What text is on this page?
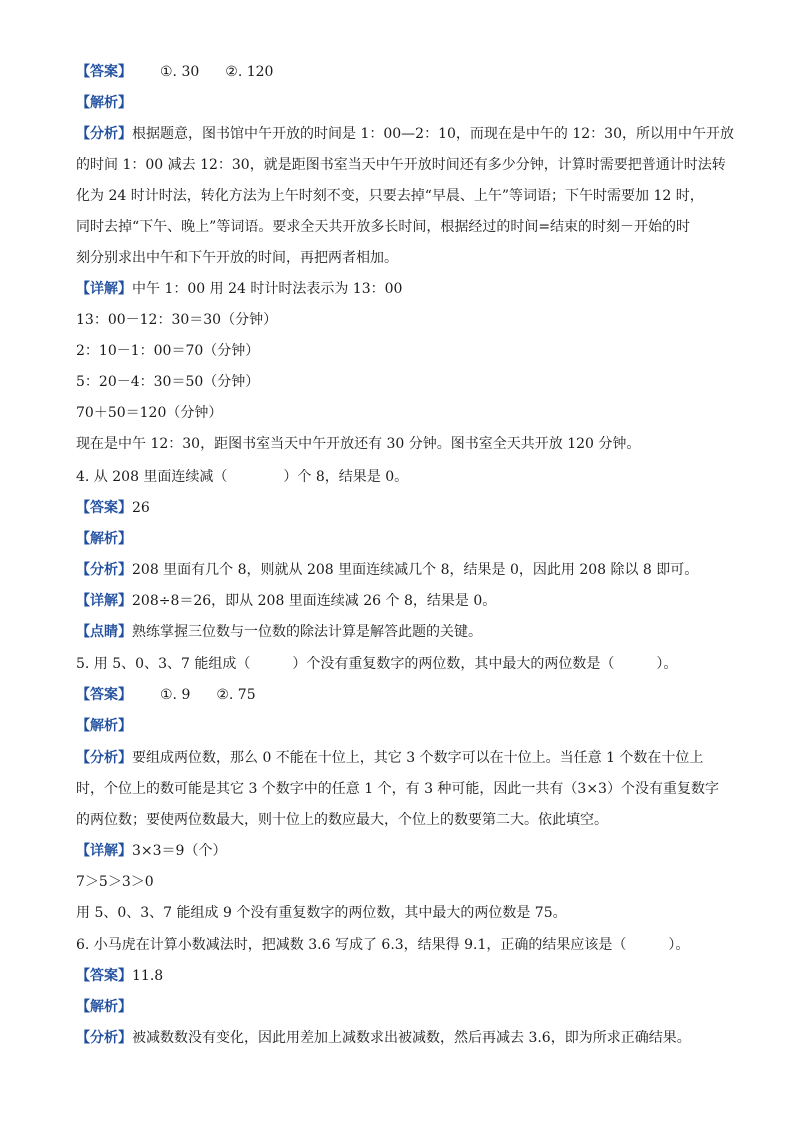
【答案】 ①. 30 ②. 120
【解析】
【分析】根据题意，图书馆中午开放的时间是 1：00—2：10，而现在是中午的 12：30，所以用中午开放
的时间 1：00 减去 12：30，就是距图书室当天中午开放时间还有多少分钟，计算时需要把普通计时法转
化为 24 时计时法，转化方法为上午时刻不变，只要去掉“早晨、上午”等词语；下午时需要加 12 时，
同时去掉“下午、晚上”等词语。要求全天共开放多长时间，根据经过的时间=结束的时刻－开始的时
刻分别求出中午和下午开放的时间，再把两者相加。
【详解】中午 1：00 用 24 时计时法表示为 13：00
13：00－12：30＝30（分钟）
2：10－1：00＝70（分钟）
5：20－4：30＝50（分钟）
70＋50＝120（分钟）
现在是中午 12：30，距图书室当天中午开放还有 30 分钟。图书室全天共开放 120 分钟。
4. 从 208 里面连续减（　　　　）个 8，结果是 0。
【答案】26
【解析】
【分析】208 里面有几个 8，则就从 208 里面连续减几个 8，结果是 0，因此用 208 除以 8 即可。
【详解】208÷8＝26，即从 208 里面连续减 26 个 8，结果是 0。
【点睛】熟练掌握三位数与一位数的除法计算是解答此题的关键。
5. 用 5、0、3、7 能组成（　　　）个没有重复数字的两位数，其中最大的两位数是（　　　）。
【答案】 ①. 9 ②. 75
【解析】
【分析】要组成两位数，那么 0 不能在十位上，其它 3 个数字可以在十位上。当任意 1 个数在十位上
时，个位上的数可能是其它 3 个数字中的任意 1 个，有 3 种可能，因此一共有（3×3）个没有重复数字
的两位数；要使两位数最大，则十位上的数应最大，个位上的数要第二大。依此填空。
【详解】3×3＝9（个）
7＞5＞3＞0
用 5、0、3、7 能组成 9 个没有重复数字的两位数，其中最大的两位数是 75。
6. 小马虎在计算小数减法时，把减数 3.6 写成了 6.3，结果得 9.1，正确的结果应该是（　　　）。
【答案】11.8
【解析】
【分析】被减数数没有变化，因此用差加上减数求出被减数，然后再减去 3.6，即为所求正确结果。
